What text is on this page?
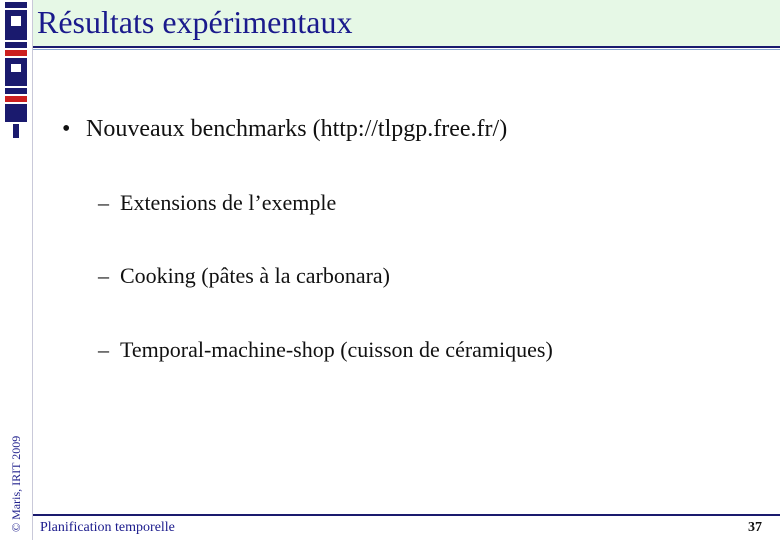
© Maris, IRIT 2009
Résultats expérimentaux
• Nouveaux benchmarks (http://tlpgp.free.fr/)
– Extensions de l’exemple
– Cooking (pâtes à la carbonara)
– Temporal-machine-shop (cuisson de céramiques)
Planification temporelle	37
